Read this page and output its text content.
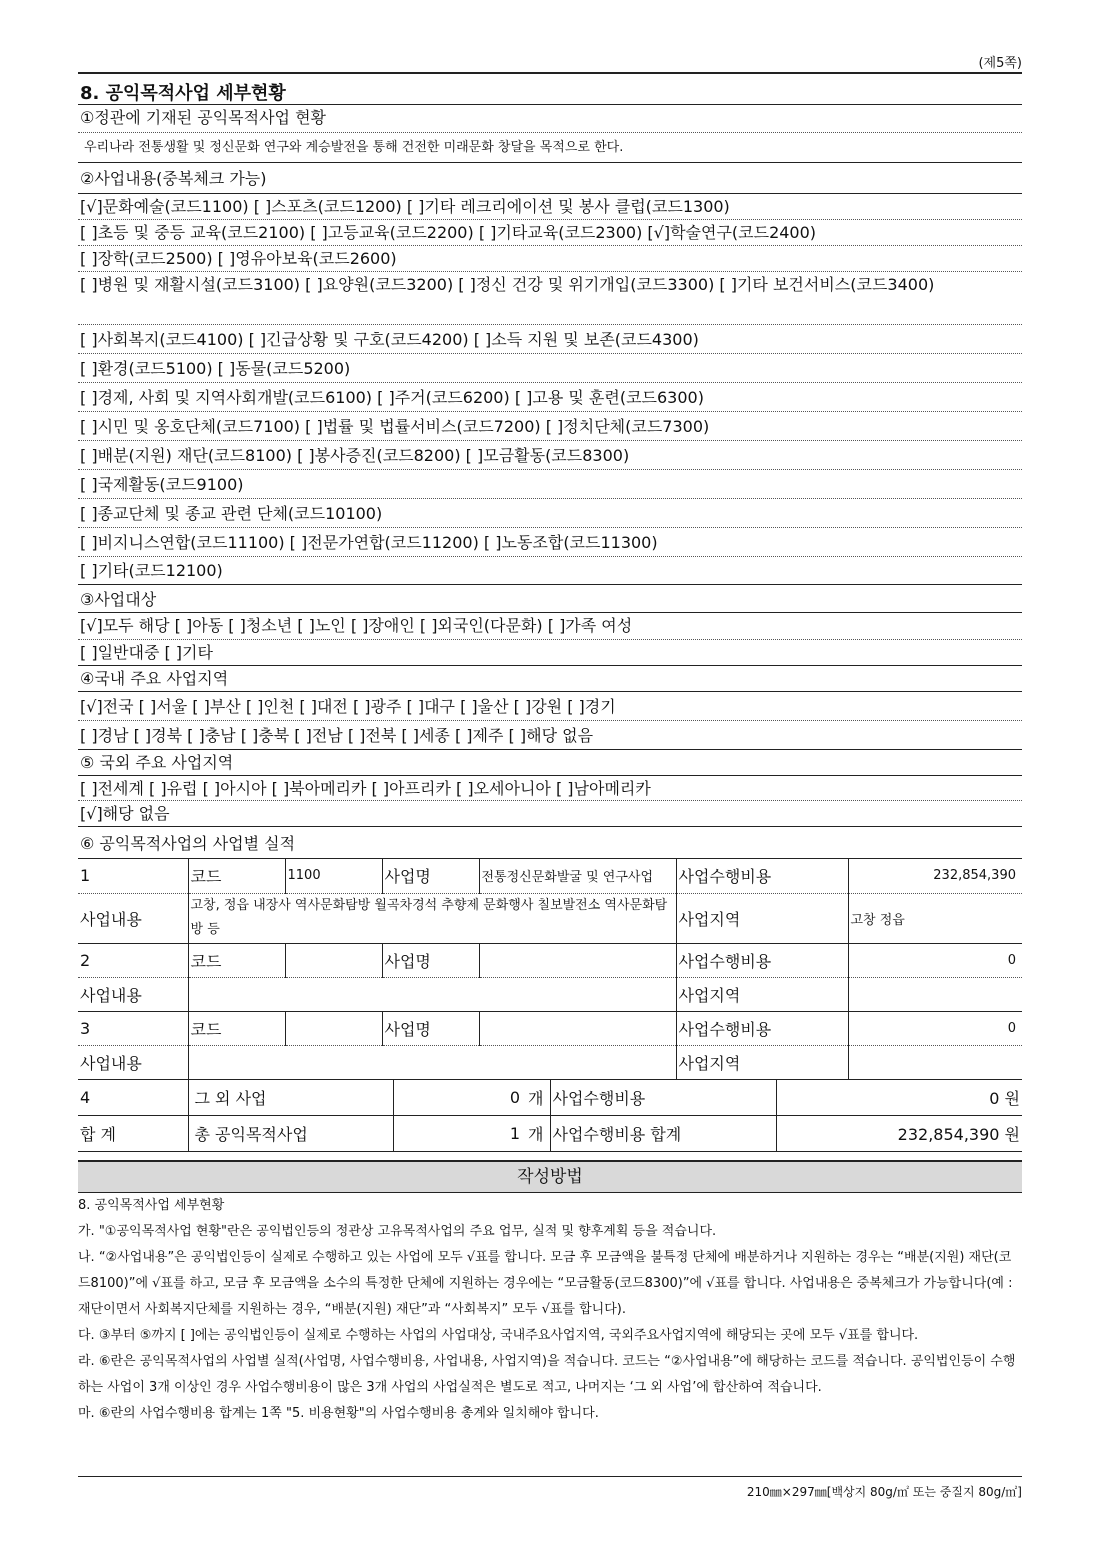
(제5쪽)
8. 공익목적사업 세부현황
①정관에 기재된 공익목적사업 현황
우리나라 전통생활 및 정신문화 연구와 계승발전을 통해 건전한 미래문화 창달을 목적으로 한다.
②사업내용(중복체크 가능)
[√]문화예술(코드1100) [ ]스포츠(코드1200) [ ]기타 레크리에이션 및 봉사 클럽(코드1300)
[ ]초등 및 중등 교육(코드2100) [ ]고등교육(코드2200) [ ]기타교육(코드2300) [√]학술연구(코드2400)
[ ]장학(코드2500) [ ]영유아보육(코드2600)
[ ]병원 및 재활시설(코드3100) [ ]요양원(코드3200) [ ]정신 건강 및 위기개입(코드3300) [ ]기타 보건서비스(코드3400)
[ ]사회복지(코드4100) [ ]긴급상황 및 구호(코드4200) [ ]소득 지원 및 보존(코드4300)
[ ]환경(코드5100) [ ]동물(코드5200)
[ ]경제, 사회 및 지역사회개발(코드6100) [ ]주거(코드6200) [ ]고용 및 훈련(코드6300)
[ ]시민 및 옹호단체(코드7100) [ ]법률 및 법률서비스(코드7200) [ ]정치단체(코드7300)
[ ]배분(지원) 재단(코드8100) [ ]봉사증진(코드8200) [ ]모금활동(코드8300)
[ ]국제활동(코드9100)
[ ]종교단체 및 종교 관련 단체(코드10100)
[ ]비지니스연합(코드11100) [ ]전문가연합(코드11200) [ ]노동조합(코드11300)
[ ]기타(코드12100)
③사업대상
[√]모두 해당 [ ]아동 [ ]청소년 [ ]노인 [ ]장애인 [ ]외국인(다문화) [ ]가족 여성
[ ]일반대중 [ ]기타
④국내 주요 사업지역
[√]전국 [ ]서울 [ ]부산 [ ]인천 [ ]대전 [ ]광주 [ ]대구 [ ]울산 [ ]강원 [ ]경기
[ ]경남 [ ]경북 [ ]충남 [ ]충북 [ ]전남 [ ]전북 [ ]세종 [ ]제주 [ ]해당 없음
⑤ 국외 주요 사업지역
[ ]전세계 [ ]유럽 [ ]아시아 [ ]북아메리카 [ ]아프리카 [ ]오세아니아 [ ]남아메리카
[√]해당 없음
⑥ 공익목적사업의 사업별 실적
1	코드	1100	사업명	전통정신문화발굴 및 연구사업	사업수행비용	232,854,390
사업내용	고창, 정읍 내장사 역사문화탐방 월곡차경석 추향제 문화행사 칠보발전소 역사문화탐방 등				사업지역	고창 정읍
2	코드		사업명		사업수행비용	0
사업내용					사업지역	
3	코드		사업명		사업수행비용	0
사업내용					사업지역	
4	그 외 사업	0	개	사업수행비용	0 원
합 계	총 공익목적사업	1	개	사업수행비용 합계	232,854,390 원
작성방법

8. 공익목적사업 세부현황

가. "①공익목적사업 현황"란은 공익법인등의 정관상 고유목적사업의 주요 업무, 실적 및 향후계획 등을 적습니다.

나. “②사업내용”은 공익법인등이 실제로 수행하고 있는 사업에 모두 √표를 합니다. 모금 후 모금액을 불특정 단체에 배분하거나 지원하는 경우는 “배분(지원) 재단(코드8100)”에 √표를 하고, 모금 후 모금액을 소수의 특정한 단체에 지원하는 경우에는 “모금활동(코드8300)”에 √표를 합니다. 사업내용은 중복체크가 가능합니다(예 : 재단이면서 사회복지단체를 지원하는 경우, “배분(지원) 재단”과 “사회복지” 모두 √표를 합니다).

다. ③부터 ⑤까지 [ ]에는 공익법인등이 실제로 수행하는 사업의 사업대상, 국내주요사업지역, 국외주요사업지역에 해당되는 곳에 모두 √표를 합니다.

라. ⑥란은 공익목적사업의 사업별 실적(사업명, 사업수행비용, 사업내용, 사업지역)을 적습니다. 코드는 “②사업내용”에 해당하는 코드를 적습니다. 공익법인등이 수행하는 사업이 3개 이상인 경우 사업수행비용이 많은 3개 사업의 사업실적은 별도로 적고, 나머지는 ‘그 외 사업’에 합산하여 적습니다.

마. ⑥란의 사업수행비용 합계는 1쪽 "5. 비용현황"의 사업수행비용 총계와 일치해야 합니다.

210㎜×297㎜[백상지 80g/㎡ 또는 중질지 80g/㎡]
